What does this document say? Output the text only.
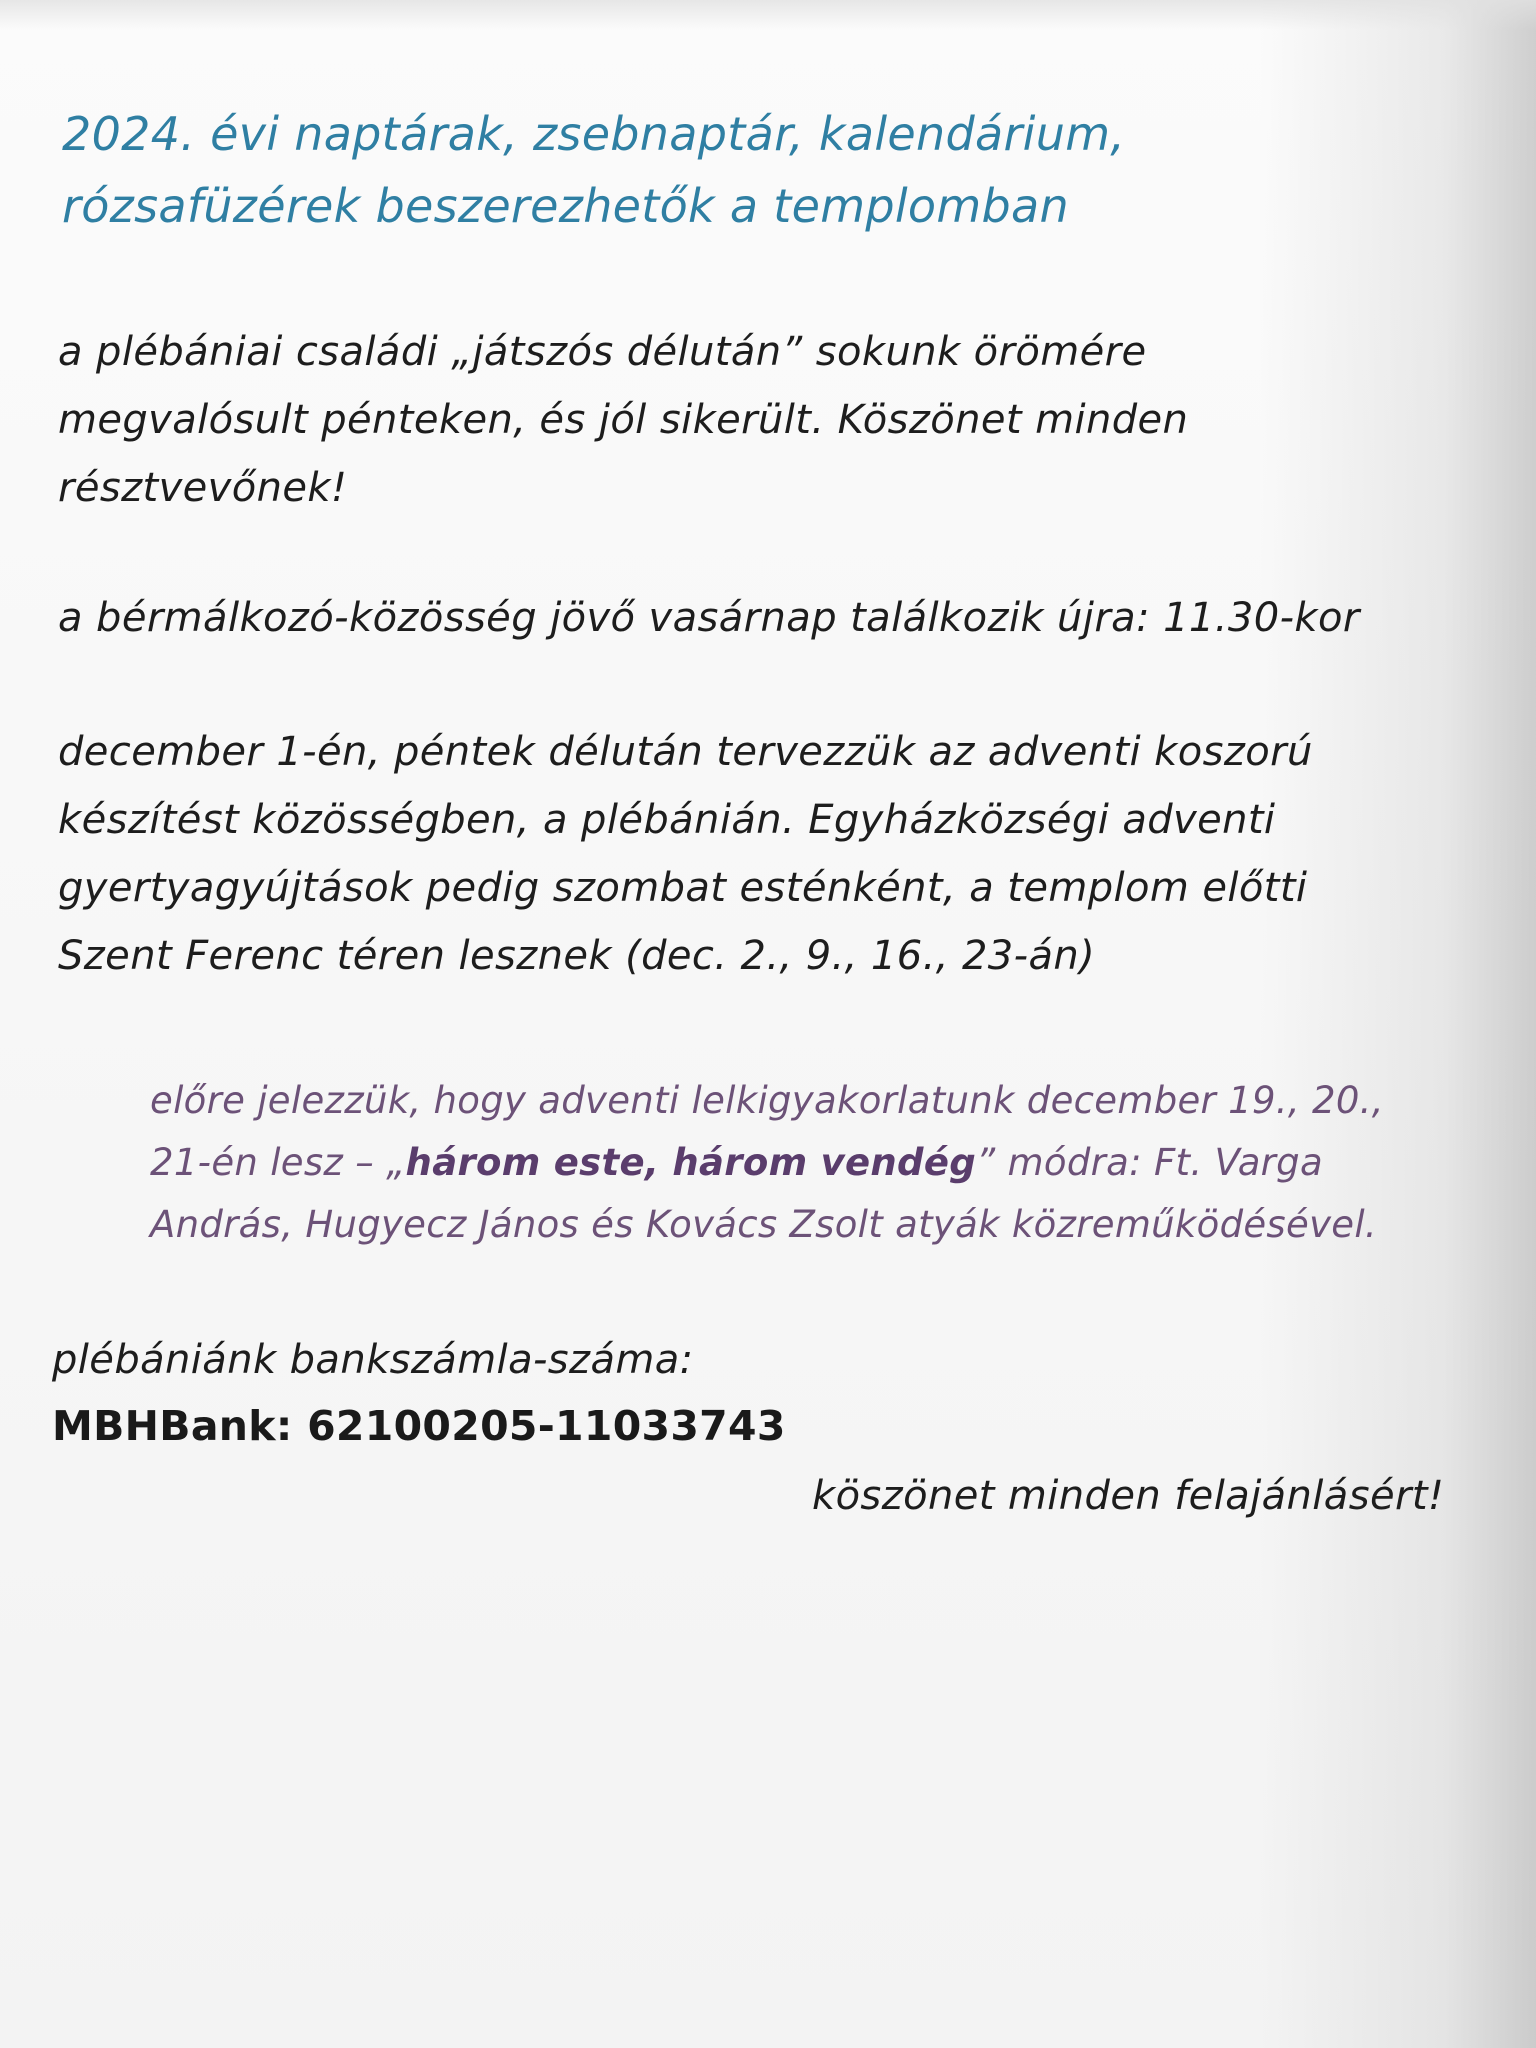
2024. évi naptárak, zsebnaptár, kalendárium,
rózsafüzérek beszerezhetők a templomban
a plébániai családi „játszós délután” sokunk örömére
megvalósult pénteken, és jól sikerült. Köszönet minden
résztvevőnek!
a bérmálkozó-közösség jövő vasárnap találkozik újra: 11.30-kor
december 1-én, péntek délután tervezzük az adventi koszorú
készítést közösségben, a plébánián. Egyházközségi adventi
gyertyagyújtások pedig szombat esténként, a templom előtti
Szent Ferenc téren lesznek (dec. 2., 9., 16., 23-án)
előre jelezzük, hogy adventi lelkigyakorlatunk december 19., 20.,
21-én lesz – „három este, három vendég” módra: Ft. Varga
András, Hugyecz János és Kovács Zsolt atyák közreműködésével.
plébániánk bankszámla-száma:
MBHBank: 62100205-11033743
köszönet minden felajánlásért!
